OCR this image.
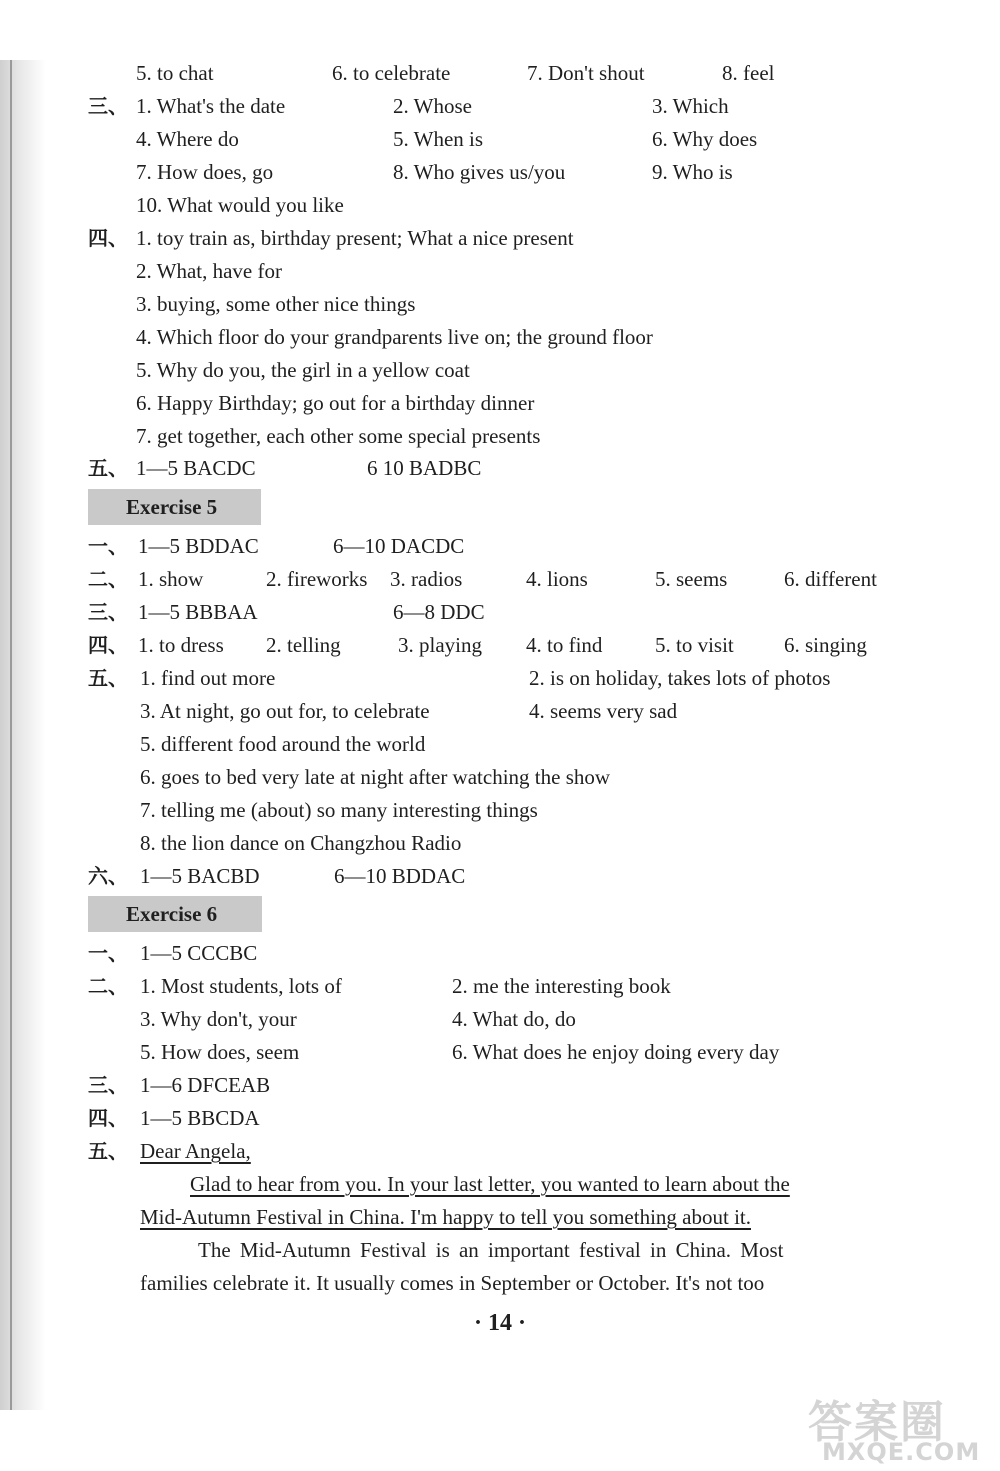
5. to chat	6. to celebrate	7. Don't shout	8. feel
三、 1. What's the date	2. Whose	3. Which
4. Where do	5. When is	6. Why does
7. How does, go	8. Who gives us/you	9. Who is
10. What would you like
四、 1. toy train as, birthday present; What a nice present
2. What, have for
3. buying, some other nice things
4. Which floor do your grandparents live on; the ground floor
5. Why do you, the girl in a yellow coat
6. Happy Birthday; go out for a birthday dinner
7. get together, each other some special presents
五、 1—5 BACDC	6 10 BADBC
Exercise 5
一、 1—5 BDDAC	6—10 DACDC
二、 1. show	2. fireworks 3. radios	4. lions	5. seems	6. different
三、 1—5 BBBAA	6—8 DDC
四、 1. to dress 2. telling	3. playing 4. to find	5. to visit 6. singing
五、 1. find out more	2. is on holiday, takes lots of photos
3. At night, go out for, to celebrate	4. seems very sad
5. different food around the world
6. goes to bed very late at night after watching the show
7. telling me (about) so many interesting things
8. the lion dance on Changzhou Radio
六、 1—5 BACBD	6—10 BDDAC
Exercise 6
一、 1—5 CCCBC
二、 1. Most students, lots of	2. me the interesting book
3. Why don't, your	4. What do, do
5. How does, seem	6. What does he enjoy doing every day
三、 1—6 DFCEAB
四、 1—5 BBCDA
五、 Dear Angela,
Glad to hear from you. In your last letter, you wanted to learn about the
Mid-Autumn Festival in China. I'm happy to tell you something about it.
The Mid-Autumn Festival is an important festival in China. Most
families celebrate it. It usually comes in September or October. It's not too
· 14 ·
答案圈
MXQE.COM
